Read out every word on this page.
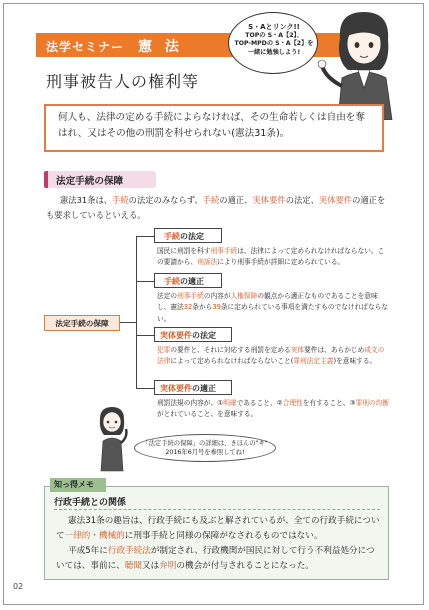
法学セミナー 憲 法
S・Aとリンク!!
TOPの S・A【2】、
TOP-MPDの S・A【2】を
一緒に勉強しよう!
刑事被告人の権利等
何人も、法律の定める手続によらなければ、その生命若しくは自由を奪はれ、又はその他の刑罰を科せられない(憲法31条)。
法定手続の保障
憲法31条は、手続の法定のみならず、手続の適正、実体要件の法定、実体要件の適正をも要求しているといえる。
法定手続の保障
手続の法定
国民に刑罰を科す刑事手続は、法律によって定められなければならない。この要請から、刑訴法により刑事手続が詳細に定められている。
手続の適正
法定の刑事手続の内容が人権保障の観点から適正なものであることを意味し、憲法32条から39条に定められている事項を満たすものでなければならない。
実体要件の法定
犯罪の要件と、それに対応する刑罰を定める実体要件は、あらかじめ成文の法律によって定められなければならないこと(罪刑法定主義)を意味する。
実体要件の適正
刑罰法規の内容が、①明確であること、②合理性を有すること、③罪刑の均衡がとれていること、を意味する。
「法定手続の保障」の詳細は、きほんの"キ"
2016年6月号を参照してね!
知っ得メモ
行政手続との関係
憲法31条の趣旨は、行政手続にも及ぶと解されているが、全ての行政手続について一律的・機械的に刑事手続と同様の保障がなされるものではない。
平成5年に行政手続法が制定され、行政機関が国民に対して行う不利益処分については、事前に、聴聞又は弁明の機会が付与されることになった。
02
